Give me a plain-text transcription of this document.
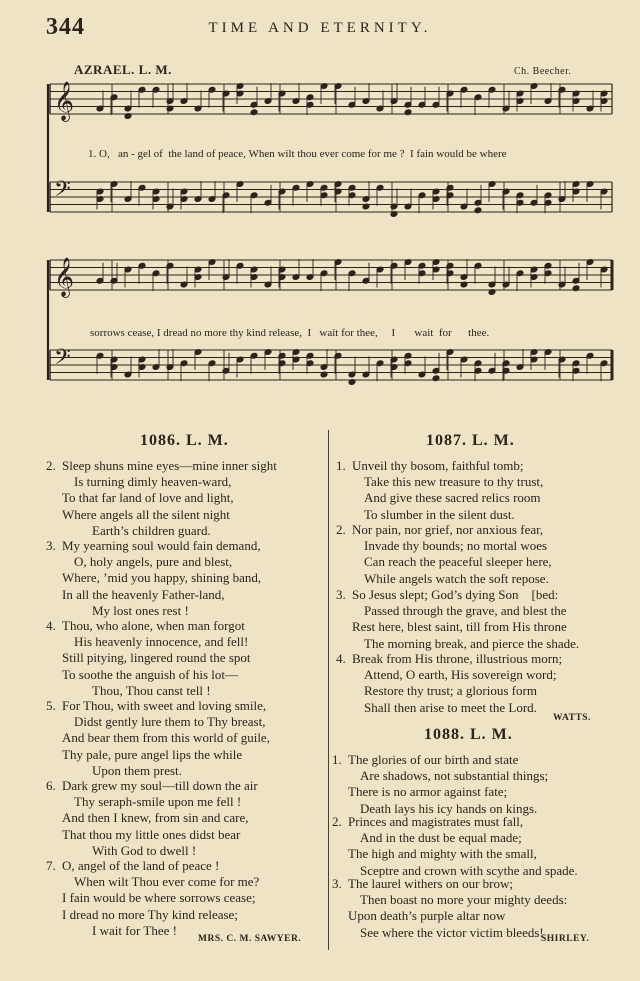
344	TIME AND ETERNITY.
AZRAEL. L. M.	Ch. Beecher.
𝄞
𝄢
𝄞
𝄢
1. O,   an - gel of  the land of peace, When wilt thou ever come for me ?  I fain would be where
sorrows cease, I dread no more thy kind release,  I   wait for thee,     I       wait  for      thee.
1086. L. M.
2. Sleep shuns mine eyes—mine inner sight
Is turning dimly heaven-ward,
To that far land of love and light,
Where angels all the silent night
Earth’s children guard.
3. My yearning soul would fain demand,
O, holy angels, pure and blest,
Where, ’mid you happy, shining band,
In all the heavenly Father-land,
My lost ones rest !
4. Thou, who alone, when man forgot
His heavenly innocence, and fell!
Still pitying, lingered round the spot
To soothe the anguish of his lot—
Thou, Thou canst tell !
5. For Thou, with sweet and loving smile,
Didst gently lure them to Thy breast,
And bear them from this world of guile,
Thy pale, pure angel lips the while
Upon them prest.
6. Dark grew my soul—till down the air
Thy seraph-smile upon me fell !
And then I knew, from sin and care,
That thou my little ones didst bear
With God to dwell !
7. O, angel of the land of peace !
When wilt Thou ever come for me?
I fain would be where sorrows cease;
I dread no more Thy kind release;
I wait for Thee !
MRS. C. M. SAWYER.
1087. L. M.
1. Unveil thy bosom, faithful tomb;
Take this new treasure to thy trust,
And give these sacred relics room
To slumber in the silent dust.
2. Nor pain, nor grief, nor anxious fear,
Invade thy bounds; no mortal woes
Can reach the peaceful sleeper here,
While angels watch the soft repose.
3. So Jesus slept; God’s dying Son    [bed:
Passed through the grave, and blest the
Rest here, blest saint, till from His throne
The morning break, and pierce the shade.
4. Break from His throne, illustrious morn;
Attend, O earth, His sovereign word;
Restore thy trust; a glorious form
Shall then arise to meet the Lord.
WATTS.
1088. L. M.
1. The glories of our birth and state
Are shadows, not substantial things;
There is no armor against fate;
Death lays his icy hands on kings.
2. Princes and magistrates must fall,
And in the dust be equal made;
The high and mighty with the small,
Sceptre and crown with scythe and spade.
3. The laurel withers on our brow;
Then boast no more your mighty deeds:
Upon death’s purple altar now
See where the victor victim bleeds!
SHIRLEY.
